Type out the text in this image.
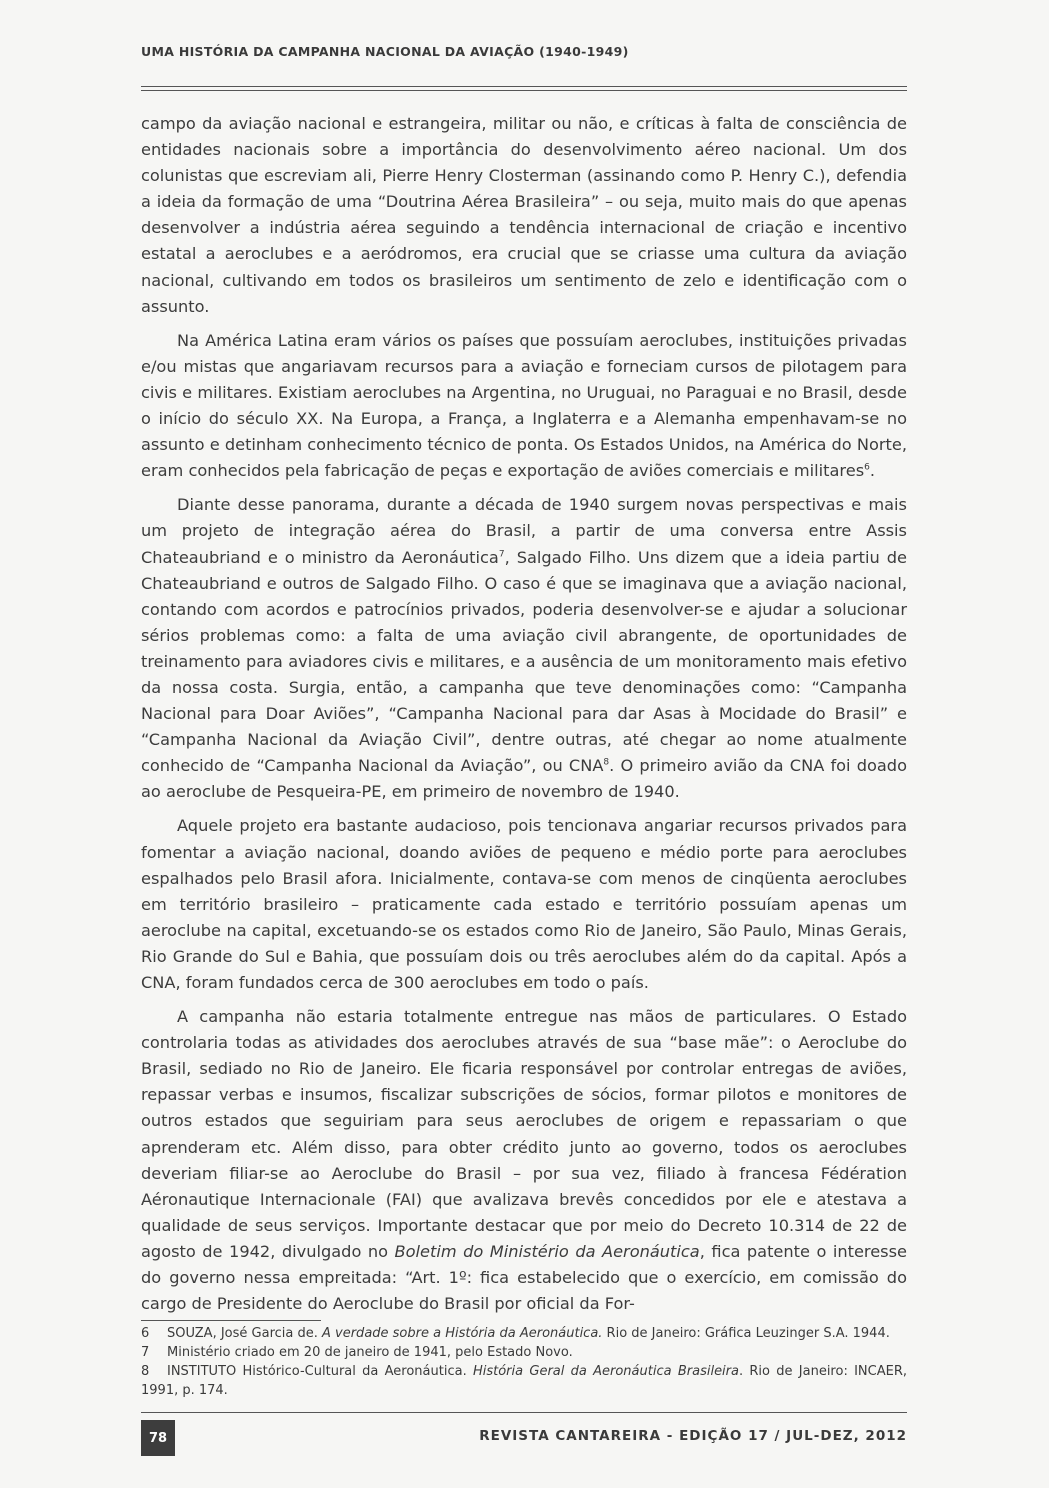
UMA HISTÓRIA DA CAMPANHA NACIONAL DA AVIAÇÃO (1940-1949)

campo da aviação nacional e estrangeira, militar ou não, e críticas à falta de consciência de entidades nacionais sobre a importância do desenvolvimento aéreo nacional. Um dos colunistas que escreviam ali, Pierre Henry Closterman (assinando como P. Henry C.), defendia a ideia da formação de uma “Doutrina Aérea Brasileira” – ou seja, muito mais do que apenas desenvolver a indústria aérea seguindo a tendência internacional de criação e incentivo estatal a aeroclubes e a aeródromos, era crucial que se criasse uma cultura da aviação nacional, cultivando em todos os brasileiros um sentimento de zelo e identificação com o assunto.

Na América Latina eram vários os países que possuíam aeroclubes, instituições privadas e/ou mistas que angariavam recursos para a aviação e forneciam cursos de pilotagem para civis e militares. Existiam aeroclubes na Argentina, no Uruguai, no Paraguai e no Brasil, desde o início do século XX. Na Europa, a França, a Inglaterra e a Alemanha empenhavam-se no assunto e detinham conhecimento técnico de ponta. Os Estados Unidos, na América do Norte, eram conhecidos pela fabricação de peças e exportação de aviões comerciais e militares$^6$.

Diante desse panorama, durante a década de 1940 surgem novas perspectivas e mais um projeto de integração aérea do Brasil, a partir de uma conversa entre Assis Chateaubriand e o ministro da Aeronáutica$^7$, Salgado Filho. Uns dizem que a ideia partiu de Chateaubriand e outros de Salgado Filho. O caso é que se imaginava que a aviação nacional, contando com acordos e patrocínios privados, poderia desenvolver-se e ajudar a solucionar sérios problemas como: a falta de uma aviação civil abrangente, de oportunidades de treinamento para aviadores civis e militares, e a ausência de um monitoramento mais efetivo da nossa costa. Surgia, então, a campanha que teve denominações como: “Campanha Nacional para Doar Aviões”, “Campanha Nacional para dar Asas à Mocidade do Brasil” e “Campanha Nacional da Aviação Civil”, dentre outras, até chegar ao nome atualmente conhecido de “Campanha Nacional da Aviação”, ou CNA$^8$. O primeiro avião da CNA foi doado ao aeroclube de Pesqueira-PE, em primeiro de novembro de 1940.

Aquele projeto era bastante audacioso, pois tencionava angariar recursos privados para fomentar a aviação nacional, doando aviões de pequeno e médio porte para aeroclubes espalhados pelo Brasil afora. Inicialmente, contava-se com menos de cinqüenta aeroclubes em território brasileiro – praticamente cada estado e território possuíam apenas um aeroclube na capital, excetuando-se os estados como Rio de Janeiro, São Paulo, Minas Gerais, Rio Grande do Sul e Bahia, que possuíam dois ou três aeroclubes além do da capital. Após a CNA, foram fundados cerca de 300 aeroclubes em todo o país.

A campanha não estaria totalmente entregue nas mãos de particulares. O Estado controlaria todas as atividades dos aeroclubes através de sua “base mãe”: o Aeroclube do Brasil, sediado no Rio de Janeiro. Ele ficaria responsável por controlar entregas de aviões, repassar verbas e insumos, fiscalizar subscrições de sócios, formar pilotos e monitores de outros estados que seguiriam para seus aeroclubes de origem e repassariam o que aprenderam etc. Além disso, para obter crédito junto ao governo, todos os aeroclubes deveriam filiar-se ao Aeroclube do Brasil – por sua vez, filiado à francesa Fédération Aéronautique Internacionale (FAI) que avalizava brevês concedidos por ele e atestava a qualidade de seus serviços. Importante destacar que por meio do Decreto 10.314 de 22 de agosto de 1942, divulgado no Boletim do Ministério da Aeronáutica, fica patente o interesse do governo nessa empreitada: “Art. 1º: fica estabelecido que o exercício, em comissão do cargo de Presidente do Aeroclube do Brasil por oficial da For-

6 SOUZA, José Garcia de. A verdade sobre a História da Aeronáutica. Rio de Janeiro: Gráfica Leuzinger S.A. 1944.
7 Ministério criado em 20 de janeiro de 1941, pelo Estado Novo.
8 INSTITUTO Histórico-Cultural da Aeronáutica. História Geral da Aeronáutica Brasileira. Rio de Janeiro: INCAER, 1991, p. 174.
78	REVISTA CANTAREIRA - EDIÇÃO 17 / JUL-DEZ, 2012
